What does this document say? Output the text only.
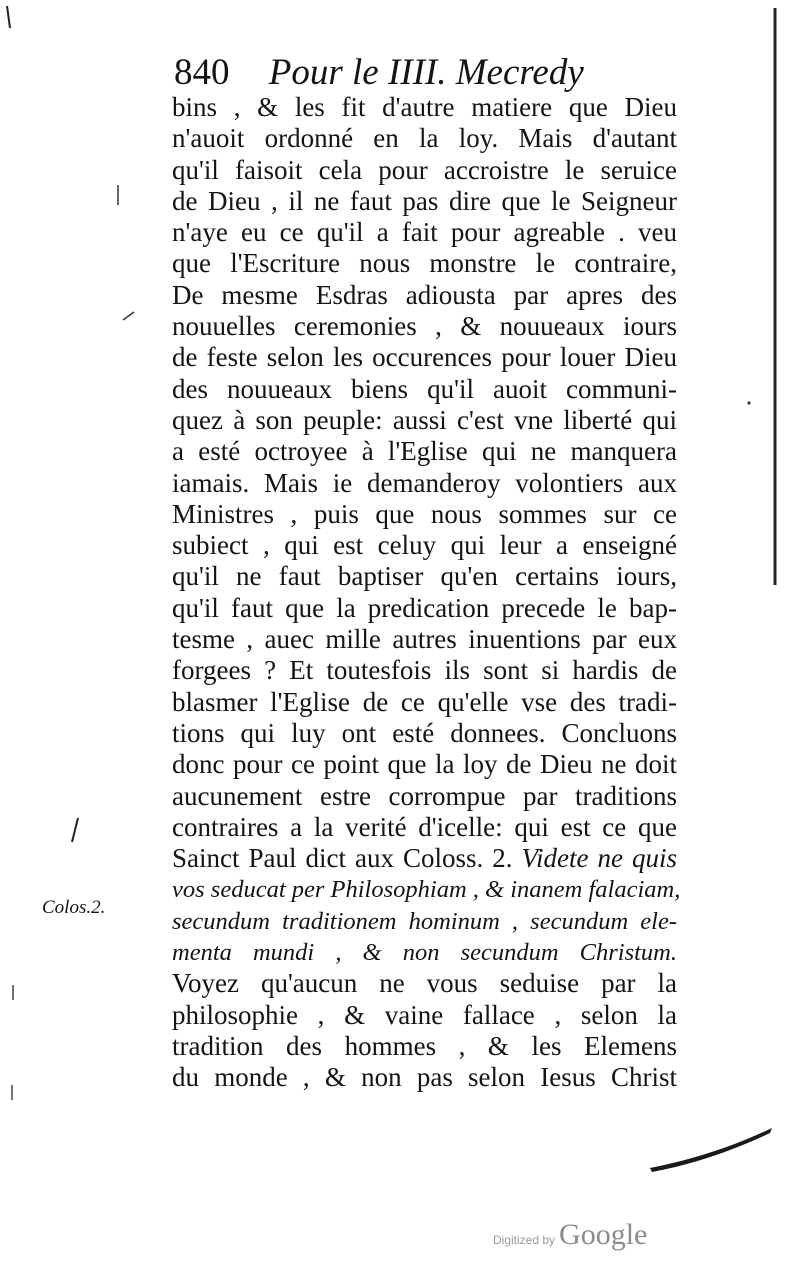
840 Pour le IIII. Mecredy
bins , & les fit d'autre matiere que Dieu
n'auoit ordonné en la loy. Mais d'autant
qu'il faisoit cela pour accroistre le seruice
de Dieu , il ne faut pas dire que le Seigneur
n'aye eu ce qu'il a fait pour agreable . veu
que l'Escriture nous monstre le contraire,
De mesme Esdras adiousta par apres des
nouuelles ceremonies , & nouueaux iours
de feste selon les occurences pour louer Dieu
des nouueaux biens qu'il auoit communi-
quez à son peuple: aussi c'est vne liberté qui
a esté octroyee à l'Eglise qui ne manquera
iamais. Mais ie demanderoy volontiers aux
Ministres , puis que nous sommes sur ce
subiect , qui est celuy qui leur a enseigné
qu'il ne faut baptiser qu'en certains iours,
qu'il faut que la predication precede le bap-
tesme , auec mille autres inuentions par eux
forgees ? Et toutesfois ils sont si hardis de
blasmer l'Eglise de ce qu'elle vse des tradi-
tions qui luy ont esté donnees. Concluons
donc pour ce point que la loy de Dieu ne doit
aucunement estre corrompue par traditions
contraires a la verité d'icelle: qui est ce que
Sainct Paul dict aux Coloss. 2. Videte ne quis
vos seducat per Philosophiam , & inanem falaciam,
secundum traditionem hominum , secundum ele-
menta mundi , & non secundum Christum.
Voyez qu'aucun ne vous seduise par la
philosophie , & vaine fallace , selon la
tradition des hommes , & les Elemens
du monde , & non pas selon Iesus Christ
Colos.2.
Digitized by Google
